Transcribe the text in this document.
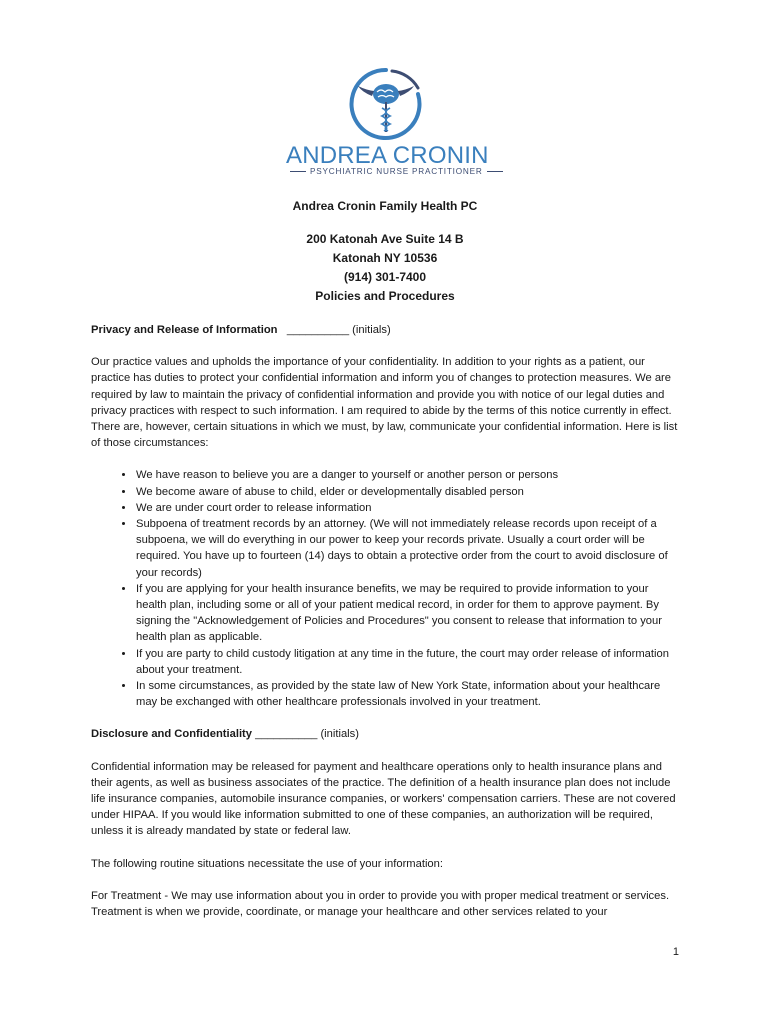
ANDREA CRONIN
PSYCHIATRIC NURSE PRACTITIONER
Andrea Cronin Family Health PC
200 Katonah Ave Suite 14 B
Katonah NY 10536
(914) 301-7400
Policies and Procedures

Privacy and Release of Information __________ (initials)

Our practice values and upholds the importance of your confidentiality. In addition to your rights as a patient, our practice has duties to protect your confidential information and inform you of changes to protection measures. We are required by law to maintain the privacy of confidential information and provide you with notice of our legal duties and privacy practices with respect to such information. I am required to abide by the terms of this notice currently in effect. There are, however, certain situations in which we must, by law, communicate your confidential information. Here is list of those circumstances:

• We have reason to believe you are a danger to yourself or another person or persons
• We become aware of abuse to child, elder or developmentally disabled person
• We are under court order to release information
• Subpoena of treatment records by an attorney. (We will not immediately release records upon receipt of a subpoena, we will do everything in our power to keep your records private. Usually a court order will be required. You have up to fourteen (14) days to obtain a protective order from the court to avoid disclosure of your records)
• If you are applying for your health insurance benefits, we may be required to provide information to your health plan, including some or all of your patient medical record, in order for them to approve payment. By signing the "Acknowledgement of Policies and Procedures" you consent to release that information to your health plan as applicable.
• If you are party to child custody litigation at any time in the future, the court may order release of information about your treatment.
• In some circumstances, as provided by the state law of New York State, information about your healthcare may be exchanged with other healthcare professionals involved in your treatment.

Disclosure and Confidentiality __________ (initials)

Confidential information may be released for payment and healthcare operations only to health insurance plans and their agents, as well as business associates of the practice. The definition of a health insurance plan does not include life insurance companies, automobile insurance companies, or workers' compensation carriers. These are not covered under HIPAA. If you would like information submitted to one of these companies, an authorization will be required, unless it is already mandated by state or federal law.

The following routine situations necessitate the use of your information:

For Treatment - We may use information about you in order to provide you with proper medical treatment or services. Treatment is when we provide, coordinate, or manage your healthcare and other services related to your

1
